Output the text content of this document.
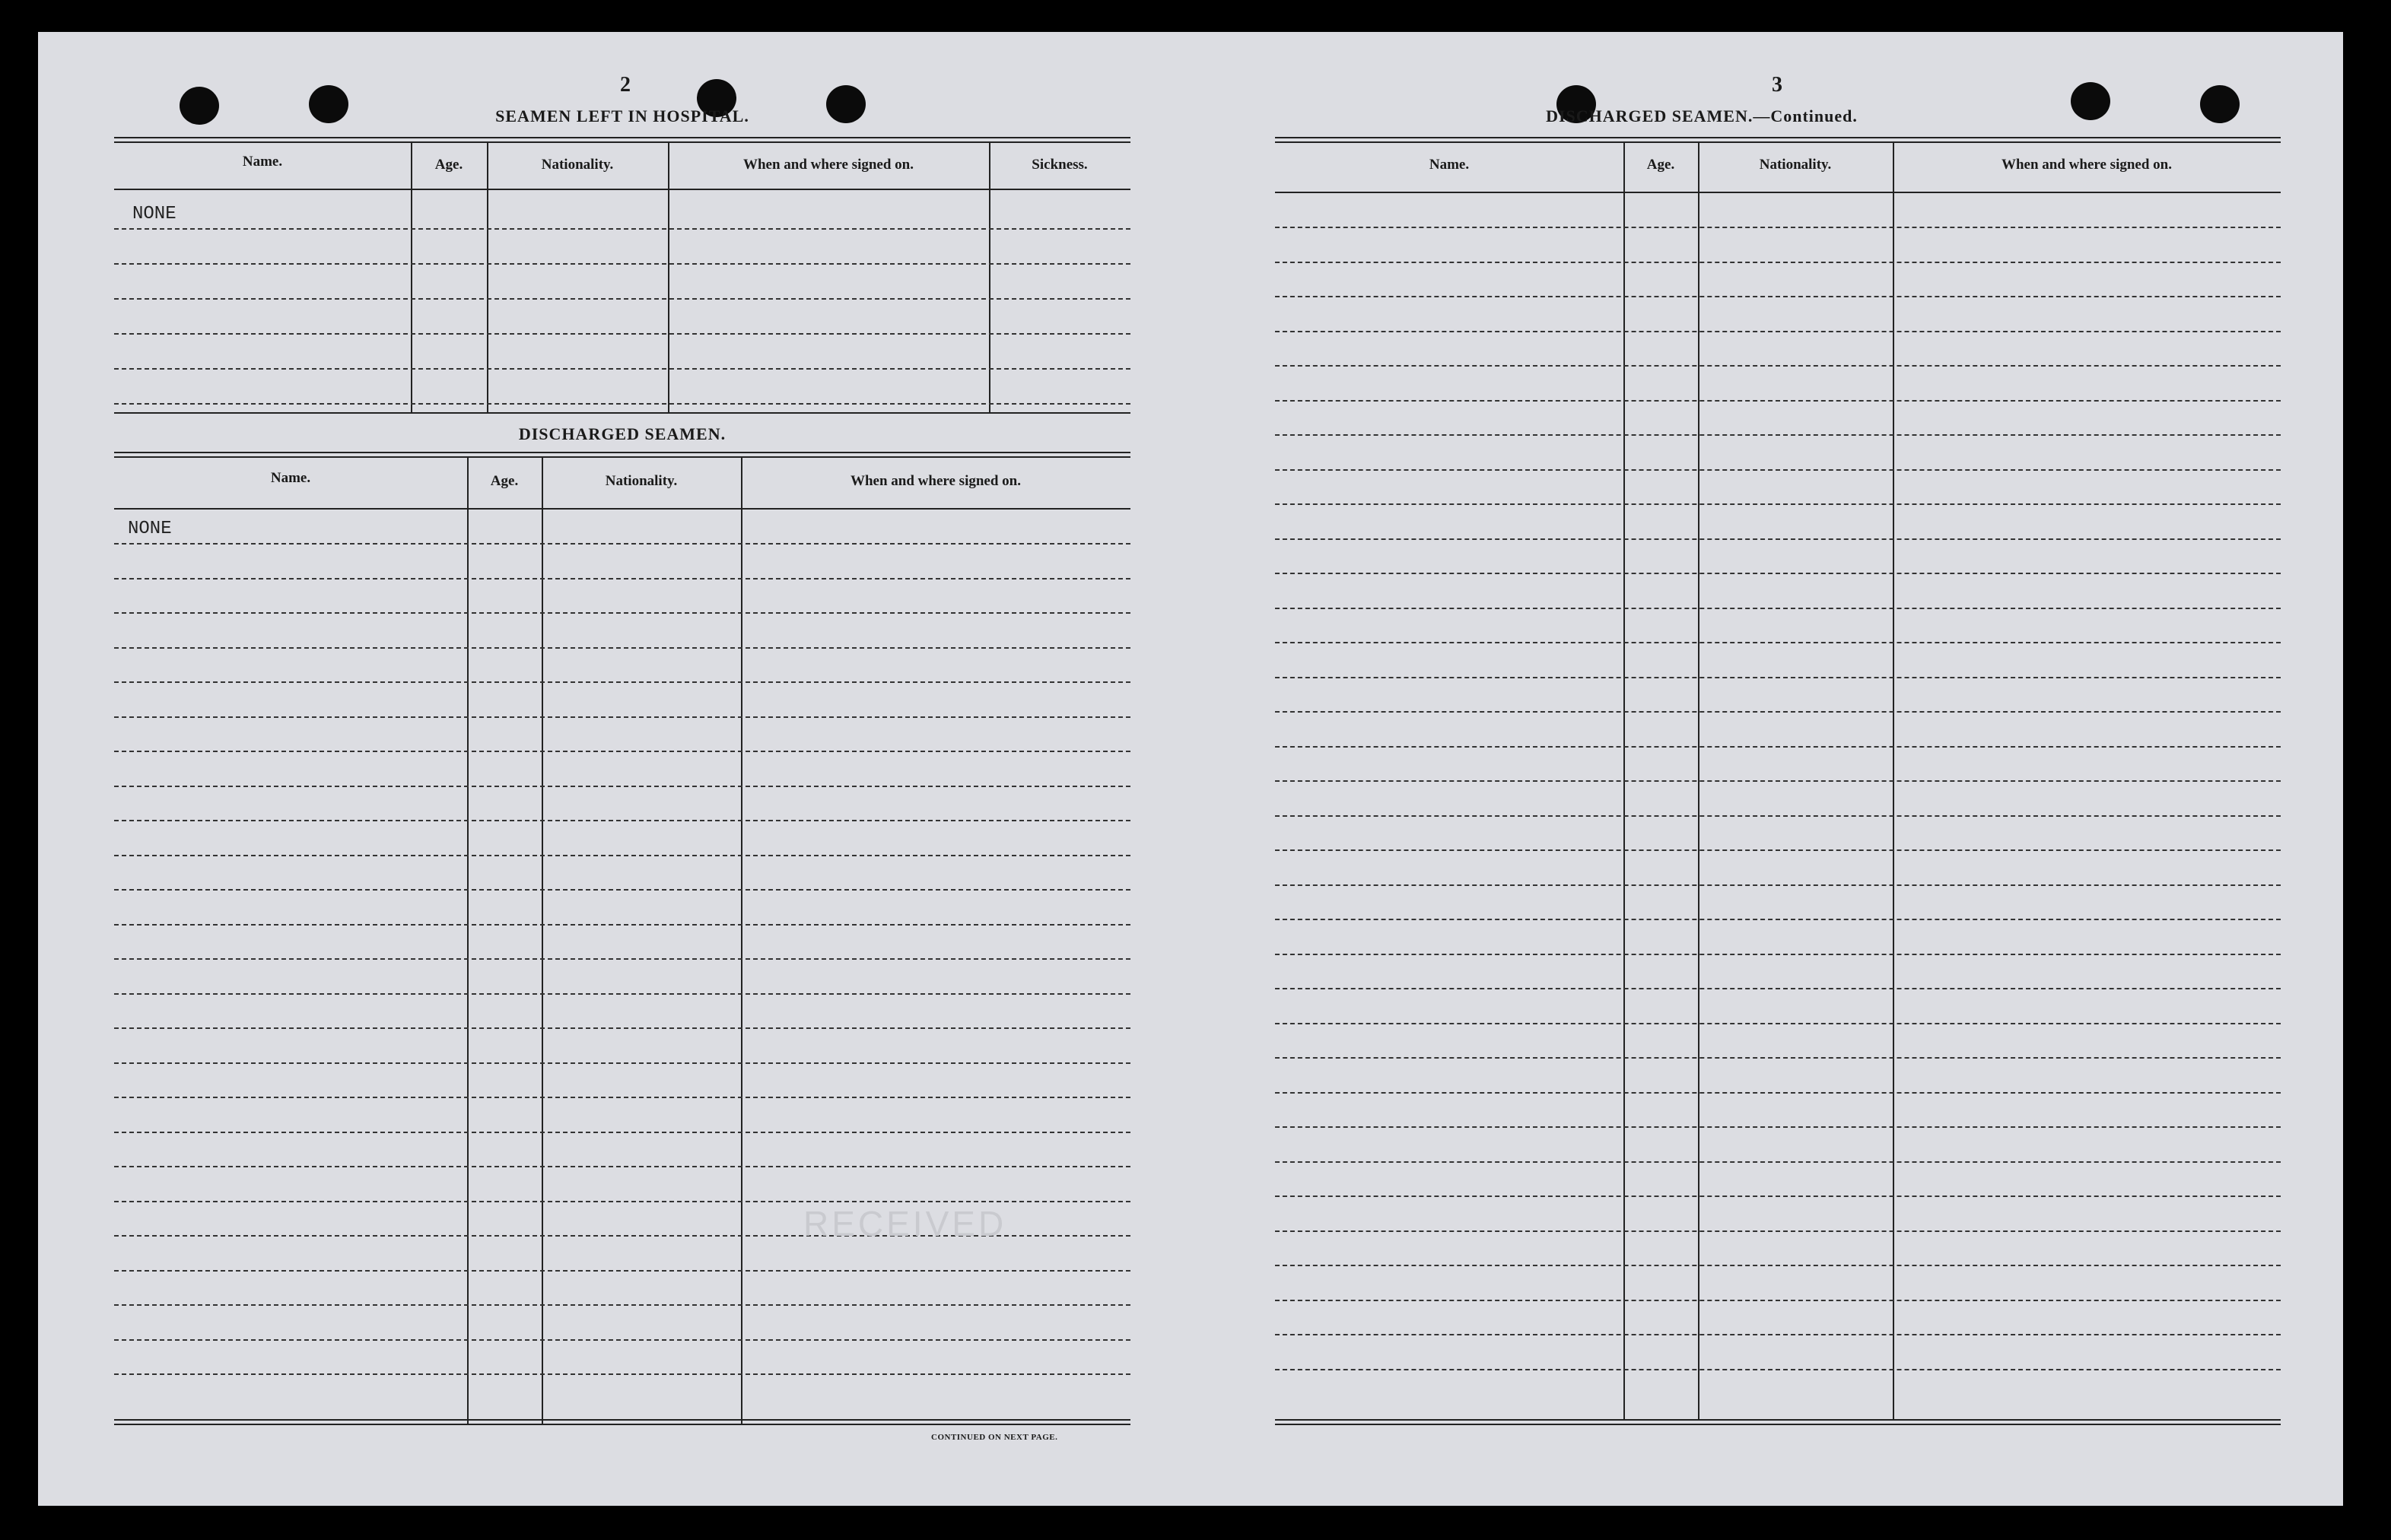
2
SEAMEN LEFT IN HOSPITAL.
Name.	Age.	Nationality.	When and where signed on.	Sickness.
NONE
DISCHARGED SEAMEN.
Name.	Age.	Nationality.	When and where signed on.
NONE
RECEIVED
CONTINUED ON NEXT PAGE.
3
DISCHARGED SEAMEN.—Continued.
Name.	Age.	Nationality.	When and where signed on.
